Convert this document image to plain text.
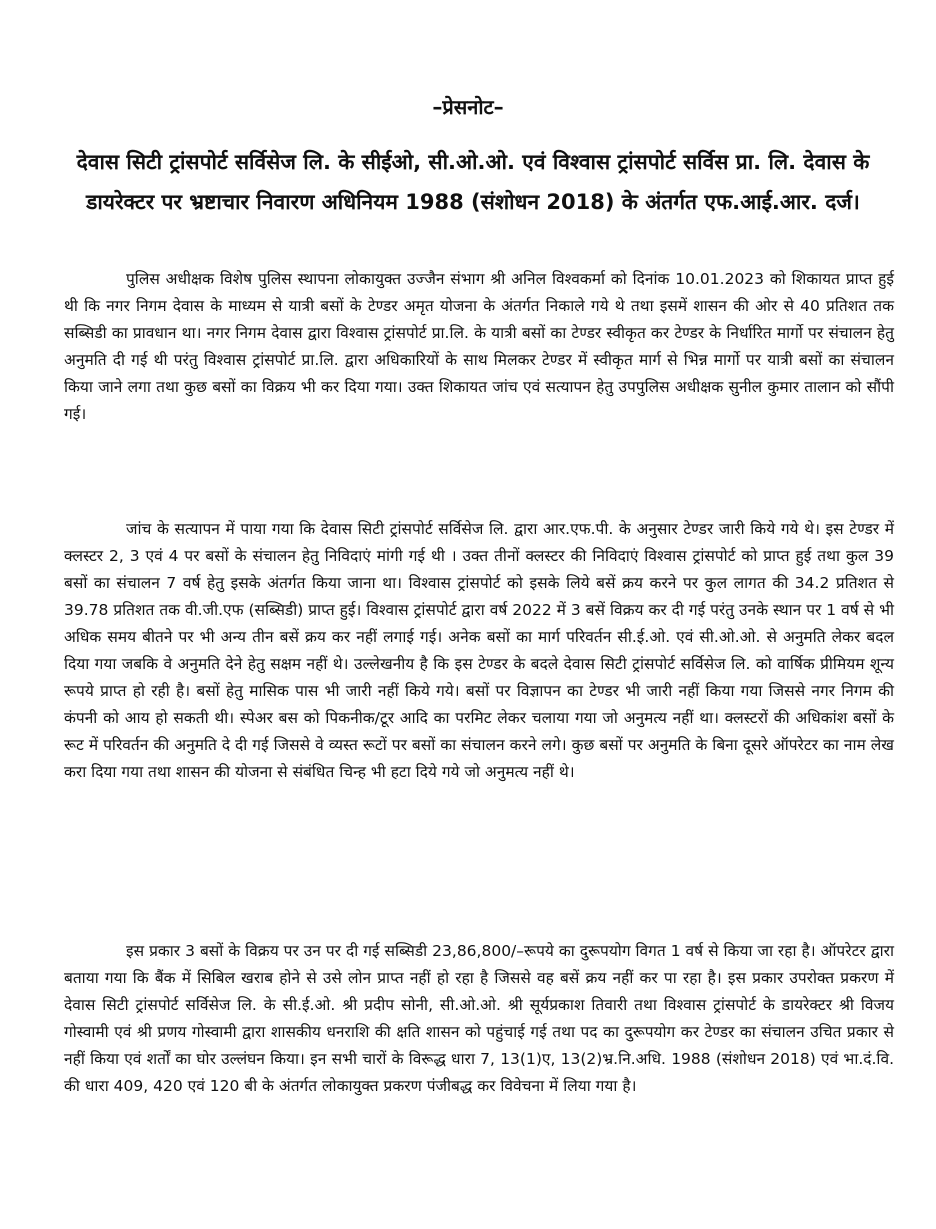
–प्रेसनोट–
देवास सिटी ट्रांसपोर्ट सर्विसेज लि. के सीईओ, सी.ओ.ओ. एवं विश्वास ट्रांसपोर्ट सर्विस प्रा. लि. देवास के डायरेक्टर पर भ्रष्टाचार निवारण अधिनियम 1988 (संशोधन 2018) के अंतर्गत एफ.आई.आर. दर्ज।

पुलिस अधीक्षक विशेष पुलिस स्थापना लोकायुक्त उज्जैन संभाग श्री अनिल विश्वकर्मा को दिनांक 10.01.2023 को शिकायत प्राप्त हुई थी कि नगर निगम देवास के माध्यम से यात्री बसों के टेण्डर अमृत योजना के अंतर्गत निकाले गये थे तथा इसमें शासन की ओर से 40 प्रतिशत तक सब्सिडी का प्रावधान था। नगर निगम देवास द्वारा विश्वास ट्रांसपोर्ट प्रा.लि. के यात्री बसों का टेण्डर स्वीकृत कर टेण्डर के निर्धारित मार्गो पर संचालन हेतु अनुमति दी गई थी परंतु विश्वास ट्रांसपोर्ट प्रा.लि. द्वारा अधिकारियों के साथ मिलकर टेण्डर में स्वीकृत मार्ग से भिन्न मार्गो पर यात्री बसों का संचालन किया जाने लगा तथा कुछ बसों का विक्रय भी कर दिया गया। उक्त शिकायत जांच एवं सत्यापन हेतु उपपुलिस अधीक्षक सुनील कुमार तालान को सौंपी गई।

जांच के सत्यापन में पाया गया कि देवास सिटी ट्रांसपोर्ट सर्विसेज लि. द्वारा आर.एफ.पी. के अनुसार टेण्डर जारी किये गये थे। इस टेण्डर में क्लस्टर 2, 3 एवं 4 पर बसों के संचालन हेतु निविदाएं मांगी गई थी । उक्त तीनों क्लस्टर की निविदाएं विश्वास ट्रांसपोर्ट को प्राप्त हुई तथा कुल 39 बसों का संचालन 7 वर्ष हेतु इसके अंतर्गत किया जाना था। विश्वास ट्रांसपोर्ट को इसके लिये बसें क्रय करने पर कुल लागत की 34.2 प्रतिशत से 39.78 प्रतिशत तक वी.जी.एफ (सब्सिडी) प्राप्त हुई। विश्वास ट्रांसपोर्ट द्वारा वर्ष 2022 में 3 बसें विक्रय कर दी गई परंतु उनके स्थान पर 1 वर्ष से भी अधिक समय बीतने पर भी अन्य तीन बसें क्रय कर नहीं लगाई गई। अनेक बसों का मार्ग परिवर्तन सी.ई.ओ. एवं सी.ओ.ओ. से अनुमति लेकर बदल दिया गया जबकि वे अनुमति देने हेतु सक्षम नहीं थे। उल्लेखनीय है कि इस टेण्डर के बदले देवास सिटी ट्रांसपोर्ट सर्विसेज लि. को वार्षिक प्रीमियम शून्य रूपये प्राप्त हो रही है। बसों हेतु मासिक पास भी जारी नहीं किये गये। बसों पर विज्ञापन का टेण्डर भी जारी नहीं किया गया जिससे नगर निगम की कंपनी को आय हो सकती थी। स्पेअर बस को पिकनीक/टूर आदि का परमिट लेकर चलाया गया जो अनुमत्य नहीं था। क्लस्टरों की अधिकांश बसों के रूट में परिवर्तन की अनुमति दे दी गई जिससे वे व्यस्त रूटों पर बसों का संचालन करने लगे। कुछ बसों पर अनुमति के बिना दूसरे ऑपरेटर का नाम लेख करा दिया गया तथा शासन की योजना से संबंधित चिन्ह भी हटा दिये गये जो अनुमत्य नहीं थे।

इस प्रकार 3 बसों के विक्रय पर उन पर दी गई सब्सिडी 23,86,800/–रूपये का दुरूपयोग विगत 1 वर्ष से किया जा रहा है। ऑपरेटर द्वारा बताया गया कि बैंक में सिबिल खराब होने से उसे लोन प्राप्त नहीं हो रहा है जिससे वह बसें क्रय नहीं कर पा रहा है। इस प्रकार उपरोक्त प्रकरण में देवास सिटी ट्रांसपोर्ट सर्विसेज लि. के सी.ई.ओ. श्री प्रदीप सोनी, सी.ओ.ओ. श्री सूर्यप्रकाश तिवारी तथा विश्वास ट्रांसपोर्ट के डायरेक्टर श्री विजय गोस्वामी एवं श्री प्रणय गोस्वामी द्वारा शासकीय धनराशि की क्षति शासन को पहुंचाई गई तथा पद का दुरूपयोग कर टेण्डर का संचालन उचित प्रकार से नहीं किया एवं शर्तों का घोर उल्लंघन किया। इन सभी चारों के विरूद्ध धारा 7, 13(1)ए, 13(2)भ्र.नि.अधि. 1988 (संशोधन 2018) एवं भा.दं.वि. की धारा 409, 420 एवं 120 बी के अंतर्गत लोकायुक्त प्रकरण पंजीबद्ध कर विवेचना में लिया गया है।
